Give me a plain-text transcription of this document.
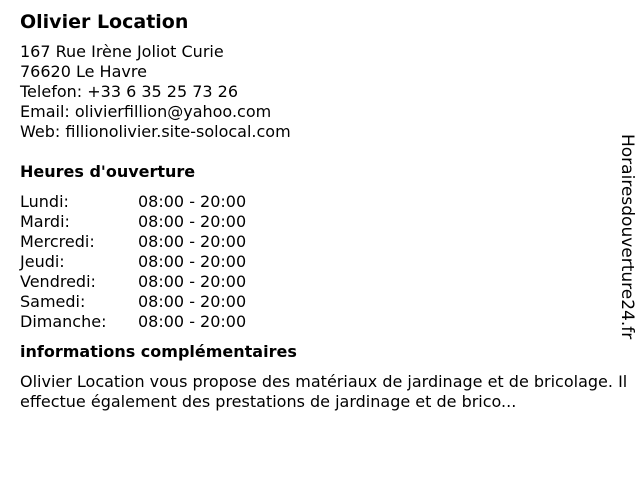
Olivier Location
167 Rue Irène Joliot Curie
76620 Le Havre
Telefon: +33 6 35 25 73 26
Email: olivierfillion@yahoo.com
Web: fillionolivier.site-solocal.com
Heures d'ouverture
Lundi:	08:00 - 20:00
Mardi:	08:00 - 20:00
Mercredi:	08:00 - 20:00
Jeudi:	08:00 - 20:00
Vendredi:	08:00 - 20:00
Samedi:	08:00 - 20:00
Dimanche:	08:00 - 20:00
informations complémentaires
Olivier Location vous propose des matériaux de jardinage et de bricolage. Il effectue également des prestations de jardinage et de brico...
Horairesdouverture24.fr
